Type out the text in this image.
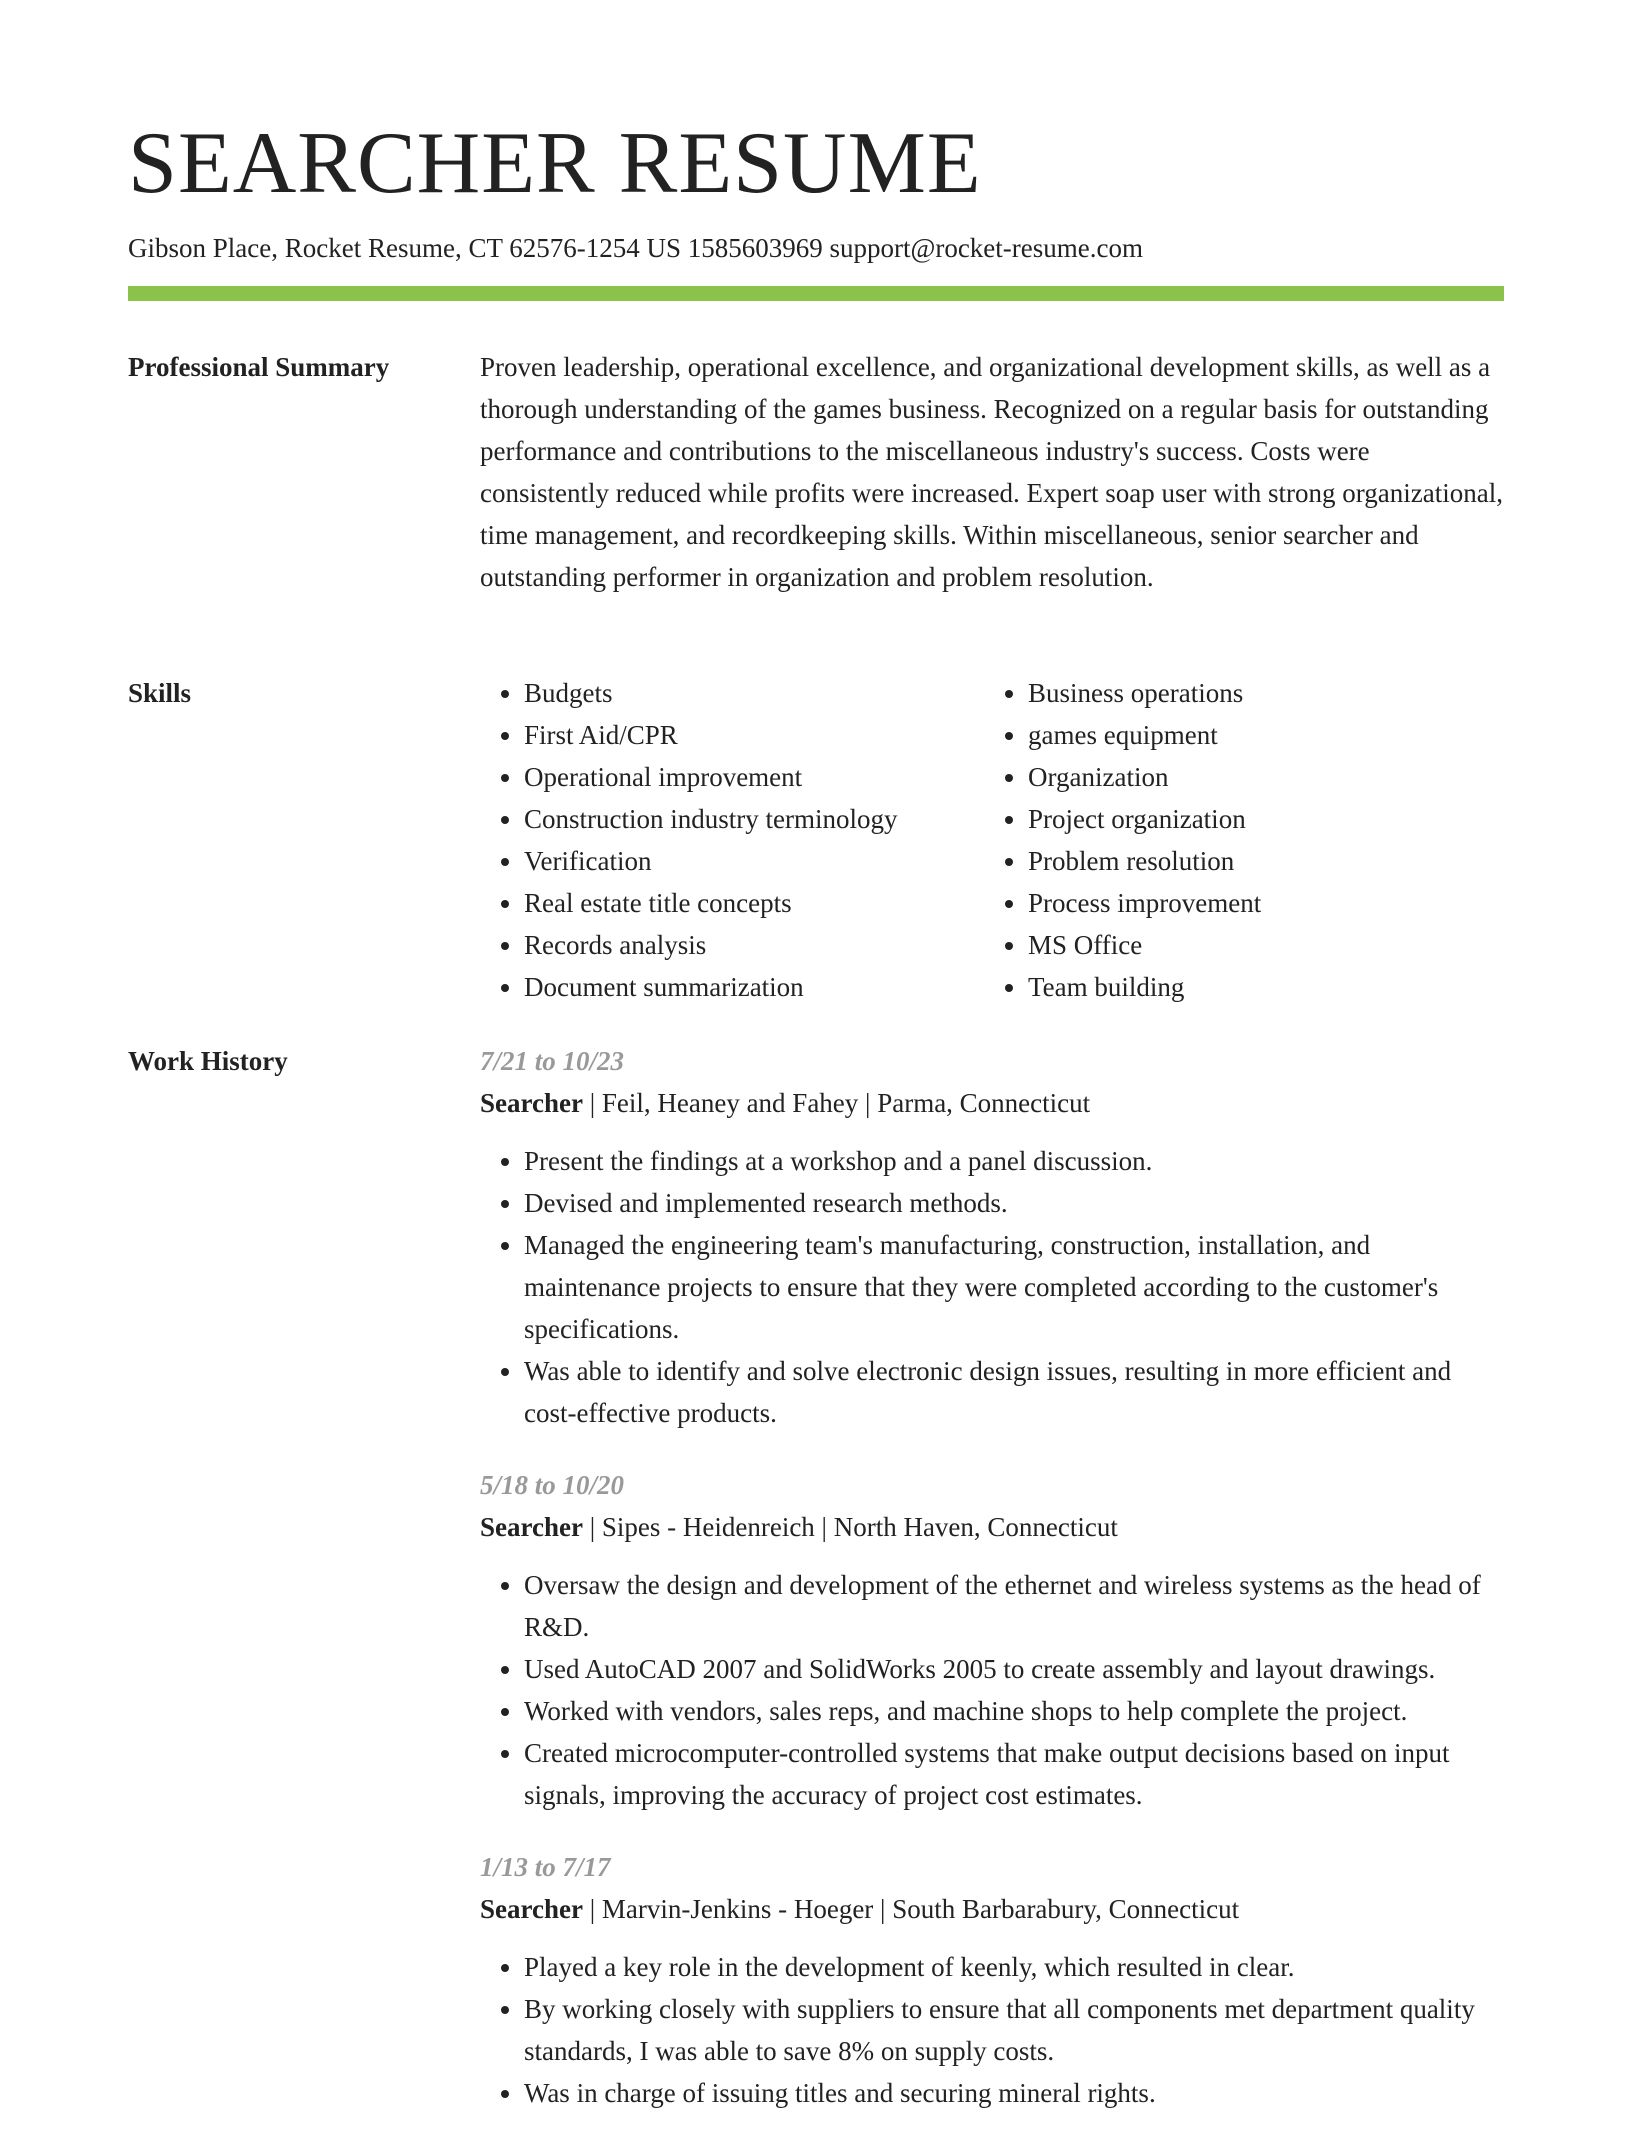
SEARCHER RESUME
Gibson Place, Rocket Resume, CT 62576-1254 US 1585603969 support@rocket-resume.com
Professional Summary	Proven leadership, operational excellence, and organizational development skills, as well as a thorough understanding of the games business. Recognized on a regular basis for outstanding performance and contributions to the miscellaneous industry's success. Costs were consistently reduced while profits were increased. Expert soap user with strong organizational, time management, and recordkeeping skills. Within miscellaneous, senior searcher and outstanding performer in organization and problem resolution.

Skills
•	Budgets
• First Aid/CPR
• Operational improvement
• Construction industry terminology
• Verification
• Real estate title concepts
• Records analysis
• Document summarization
• Business operations
• games equipment
• Organization
• Project organization
• Problem resolution
• Process improvement
• MS Office
• Team building
Work History	7/21 to 10/23
Searcher | Feil, Heaney and Fahey | Parma, Connecticut
• Present the findings at a workshop and a panel discussion.
• Devised and implemented research methods.
• Managed the engineering team's manufacturing, construction, installation, and maintenance projects to ensure that they were completed according to the customer's specifications.
• Was able to identify and solve electronic design issues, resulting in more efficient and cost-effective products.
5/18 to 10/20
Searcher | Sipes - Heidenreich | North Haven, Connecticut
• Oversaw the design and development of the ethernet and wireless systems as the head of R&D.
• Used AutoCAD 2007 and SolidWorks 2005 to create assembly and layout drawings.
• Worked with vendors, sales reps, and machine shops to help complete the project.
• Created microcomputer-controlled systems that make output decisions based on input signals, improving the accuracy of project cost estimates.
1/13 to 7/17
Searcher | Marvin-Jenkins - Hoeger | South Barbarabury, Connecticut
• Played a key role in the development of keenly, which resulted in clear.
• By working closely with suppliers to ensure that all components met department quality standards, I was able to save 8% on supply costs.
• Was in charge of issuing titles and securing mineral rights.
